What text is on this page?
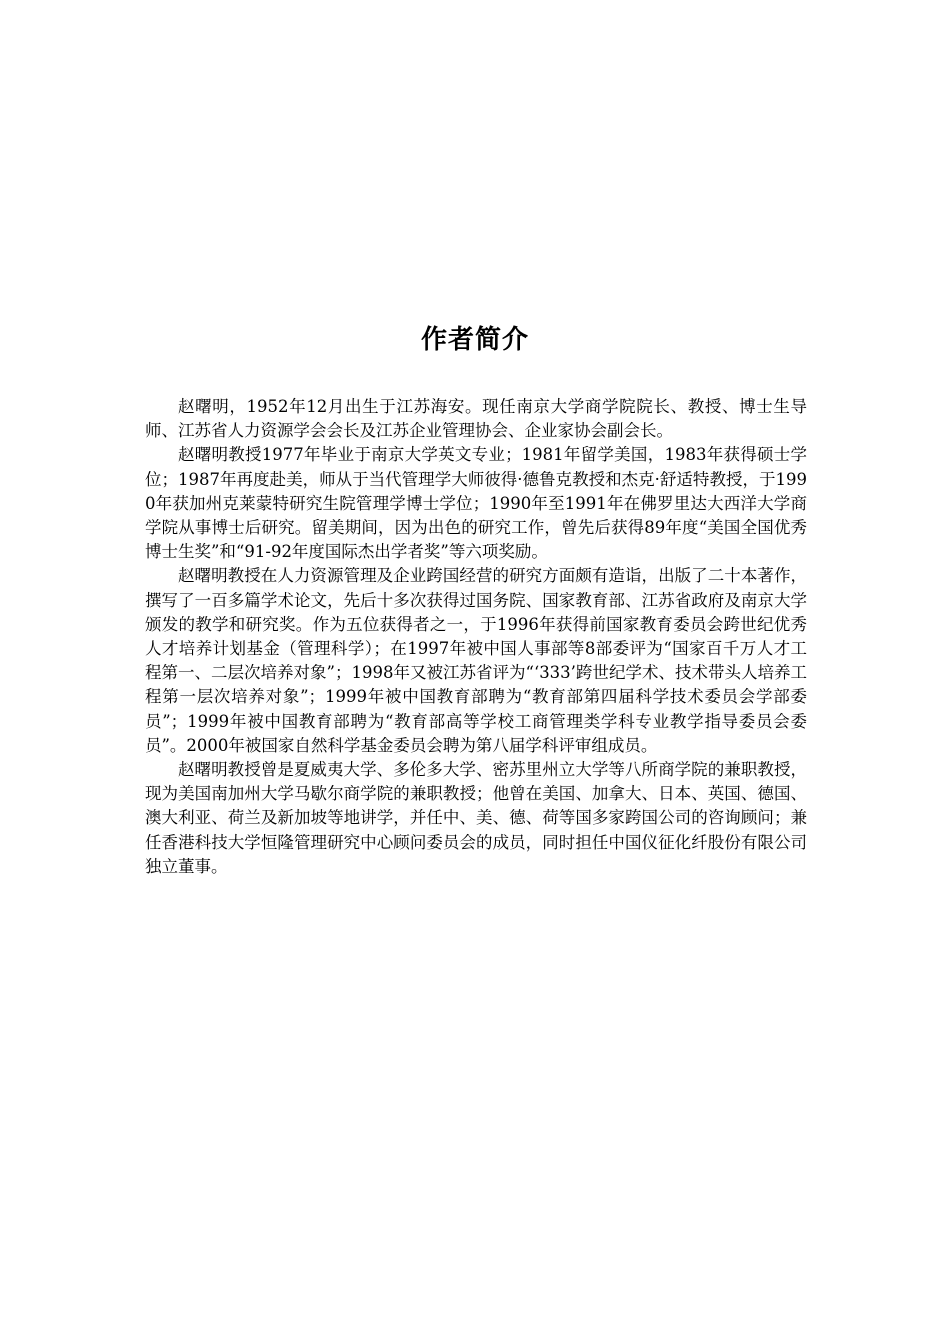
作者简介

赵曙明，1952年12月出生于江苏海安。现任南京大学商学院院长、教授、博士生导师、江苏省人力资源学会会长及江苏企业管理协会、企业家协会副会长。

赵曙明教授1977年毕业于南京大学英文专业；1981年留学美国，1983年获得硕士学位；1987年再度赴美，师从于当代管理学大师彼得·德鲁克教授和杰克·舒适特教授，于1990年获加州克莱蒙特研究生院管理学博士学位；1990年至1991年在佛罗里达大西洋大学商学院从事博士后研究。留美期间，因为出色的研究工作，曾先后获得89年度“美国全国优秀博士生奖”和“91-92年度国际杰出学者奖”等六项奖励。

赵曙明教授在人力资源管理及企业跨国经营的研究方面颇有造诣，出版了二十本著作，撰写了一百多篇学术论文，先后十多次获得过国务院、国家教育部、江苏省政府及南京大学颁发的教学和研究奖。作为五位获得者之一，于1996年获得前国家教育委员会跨世纪优秀人才培养计划基金（管理科学）；在1997年被中国人事部等8部委评为“国家百千万人才工程第一、二层次培养对象”；1998年又被江苏省评为“‘333’跨世纪学术、技术带头人培养工程第一层次培养对象”；1999年被中国教育部聘为“教育部第四届科学技术委员会学部委员”；1999年被中国教育部聘为“教育部高等学校工商管理类学科专业教学指导委员会委员”。2000年被国家自然科学基金委员会聘为第八届学科评审组成员。

赵曙明教授曾是夏威夷大学、多伦多大学、密苏里州立大学等八所商学院的兼职教授，现为美国南加州大学马歇尔商学院的兼职教授；他曾在美国、加拿大、日本、英国、德国、澳大利亚、荷兰及新加坡等地讲学，并任中、美、德、荷等国多家跨国公司的咨询顾问；兼任香港科技大学恒隆管理研究中心顾问委员会的成员，同时担任中国仪征化纤股份有限公司独立董事。
